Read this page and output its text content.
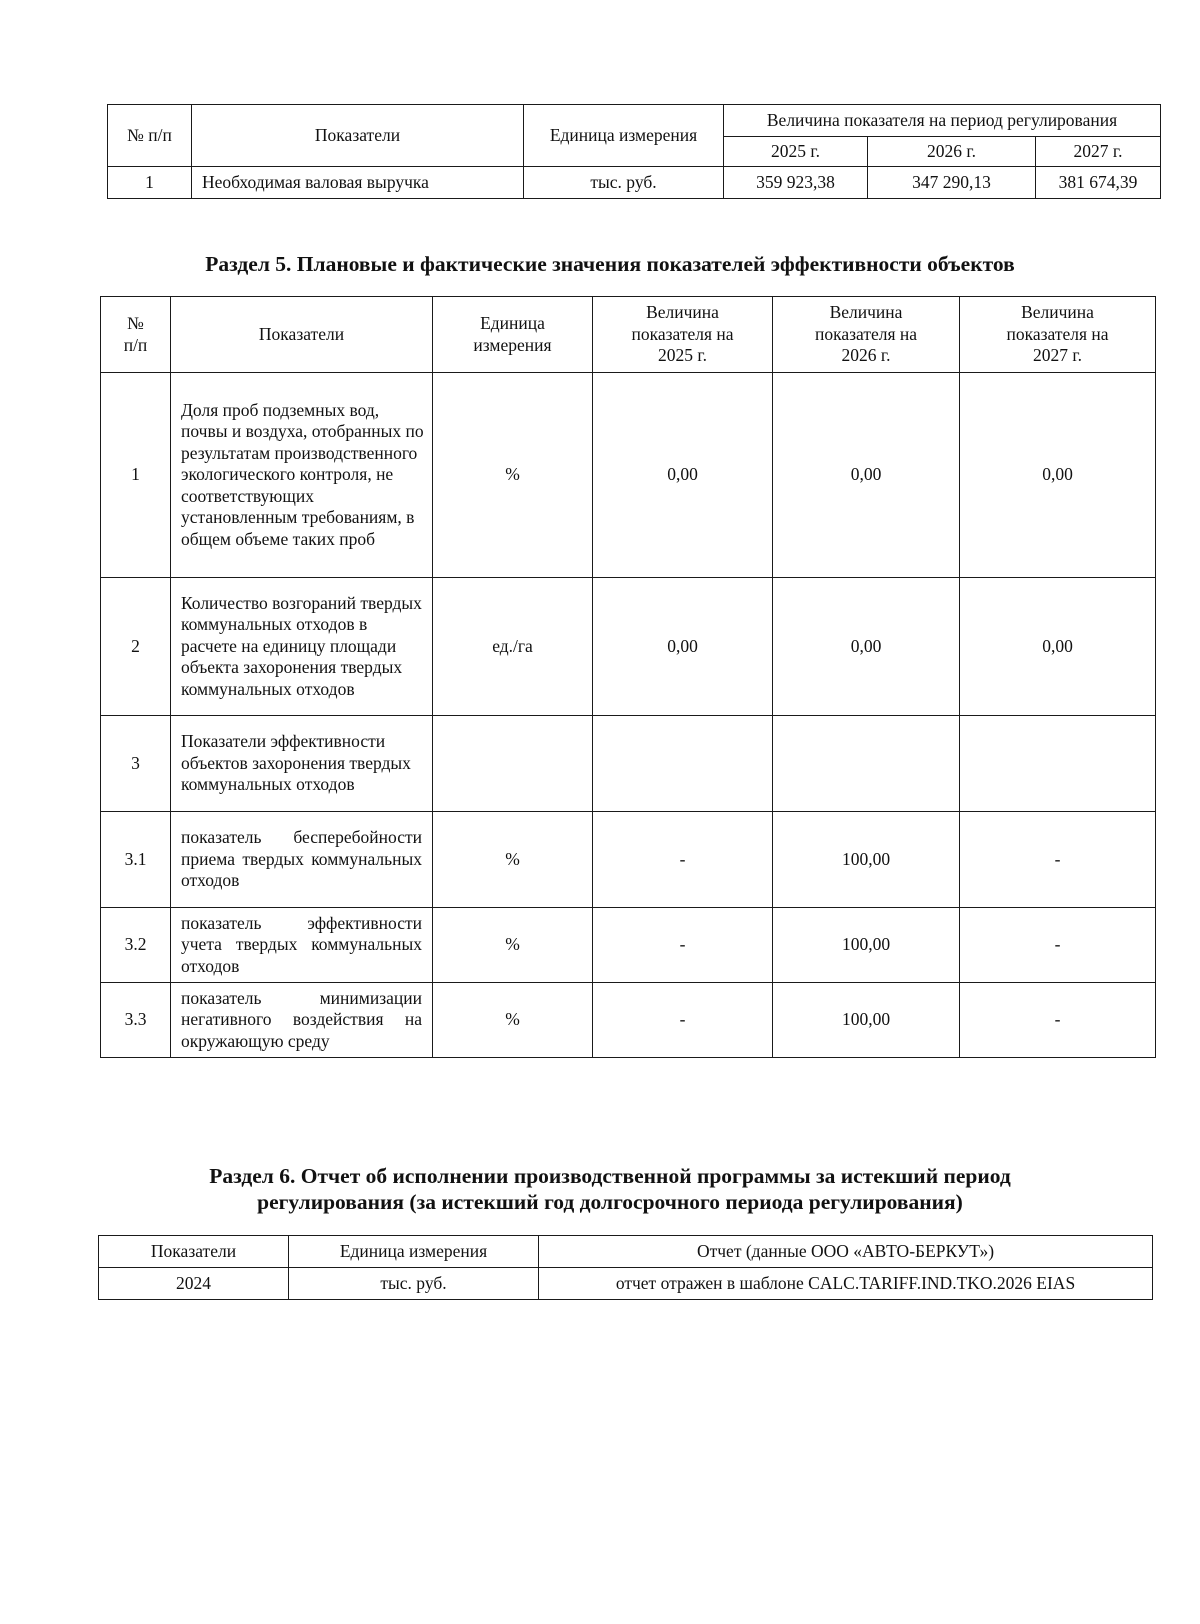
№ п/п	Показатели	Единица измерения	Величина показателя на период регулирования		
			2025 г.	2026 г.	2027 г.
1	Необходимая валовая выручка	тыс. руб.	359 923,38	347 290,13	381 674,39
Раздел 5. Плановые и фактические значения показателей эффективности объектов
№ п/п	Показатели	Единица измерения	Величина показателя на 2025 г.	Величина показателя на 2026 г.	Величина показателя на 2027 г.
1	Доля проб подземных вод, почвы и воздуха, отобранных по результатам производственного экологического контроля, не соответствующих установленным требованиям, в общем объеме таких проб	%	0,00	0,00	0,00
2	Количество возгораний твердых коммунальных отходов в расчете на единицу площади объекта захоронения твердых коммунальных отходов	ед./га	0,00	0,00	0,00
3	Показатели эффективности объектов захоронения твердых коммунальных отходов				
3.1	показатель бесперебойности приема твердых коммунальных отходов	%	-	100,00	-
3.2	показатель эффективности учета твердых коммунальных отходов	%	-	100,00	-
3.3	показатель минимизации негативного воздействия на окружающую среду	%	-	100,00	-
Раздел 6. Отчет об исполнении производственной программы за истекший период
регулирования (за истекший год долгосрочного периода регулирования)
Показатели	Единица измерения	Отчет (данные ООО «АВТО-БЕРКУТ»)
2024	тыс. руб.	отчет отражен в шаблоне CALC.TARIFF.IND.TKO.2026 EIAS
